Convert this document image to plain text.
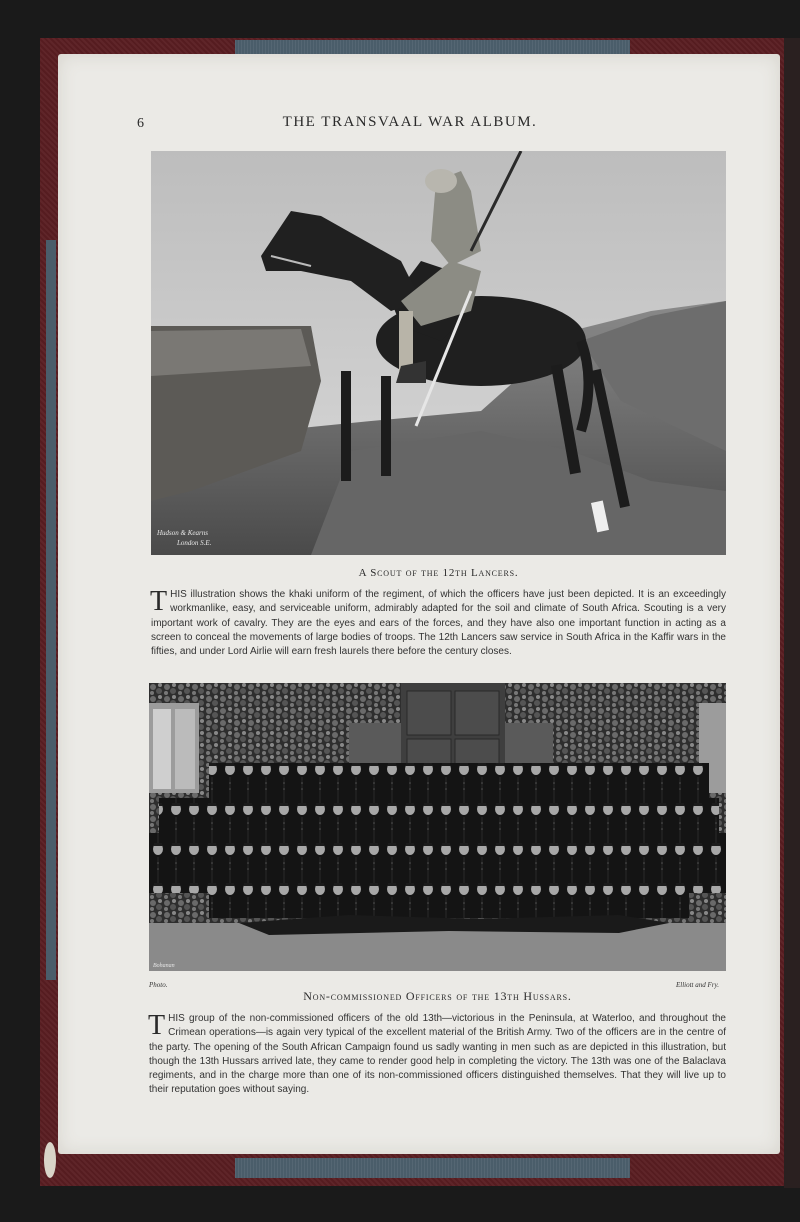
6	THE TRANSVAAL WAR ALBUM.
Hudson & Kearns
London S.E.
A Scout of the 12th Lancers.

THIS illustration shows the khaki uniform of the regiment, of which the officers have just been depicted. It is an exceedingly workmanlike, easy, and serviceable uniform, admirably adapted for the soil and climate of South Africa. Scouting is a very important work of cavalry. They are the eyes and ears of the forces, and they have also one important function in acting as a screen to conceal the movements of large bodies of troops. The 12th Lancers saw service in South Africa in the Kaffir wars in the fifties, and under Lord Airlie will earn fresh laurels there before the century closes.

Bohanan
Photo.	Elliott and Fry.
Non-commissioned Officers of the 13th Hussars.

THIS group of the non-commissioned officers of the old 13th—victorious in the Peninsula, at Waterloo, and throughout the Crimean operations—is again very typical of the excellent material of the British Army. Two of the officers are in the centre of the party. The opening of the South African Campaign found us sadly wanting in men such as are depicted in this illustration, but though the 13th Hussars arrived late, they came to render good help in completing the victory. The 13th was one of the Balaclava regiments, and in the charge more than one of its non-commissioned officers distinguished themselves. That they will live up to their reputation goes without saying.
